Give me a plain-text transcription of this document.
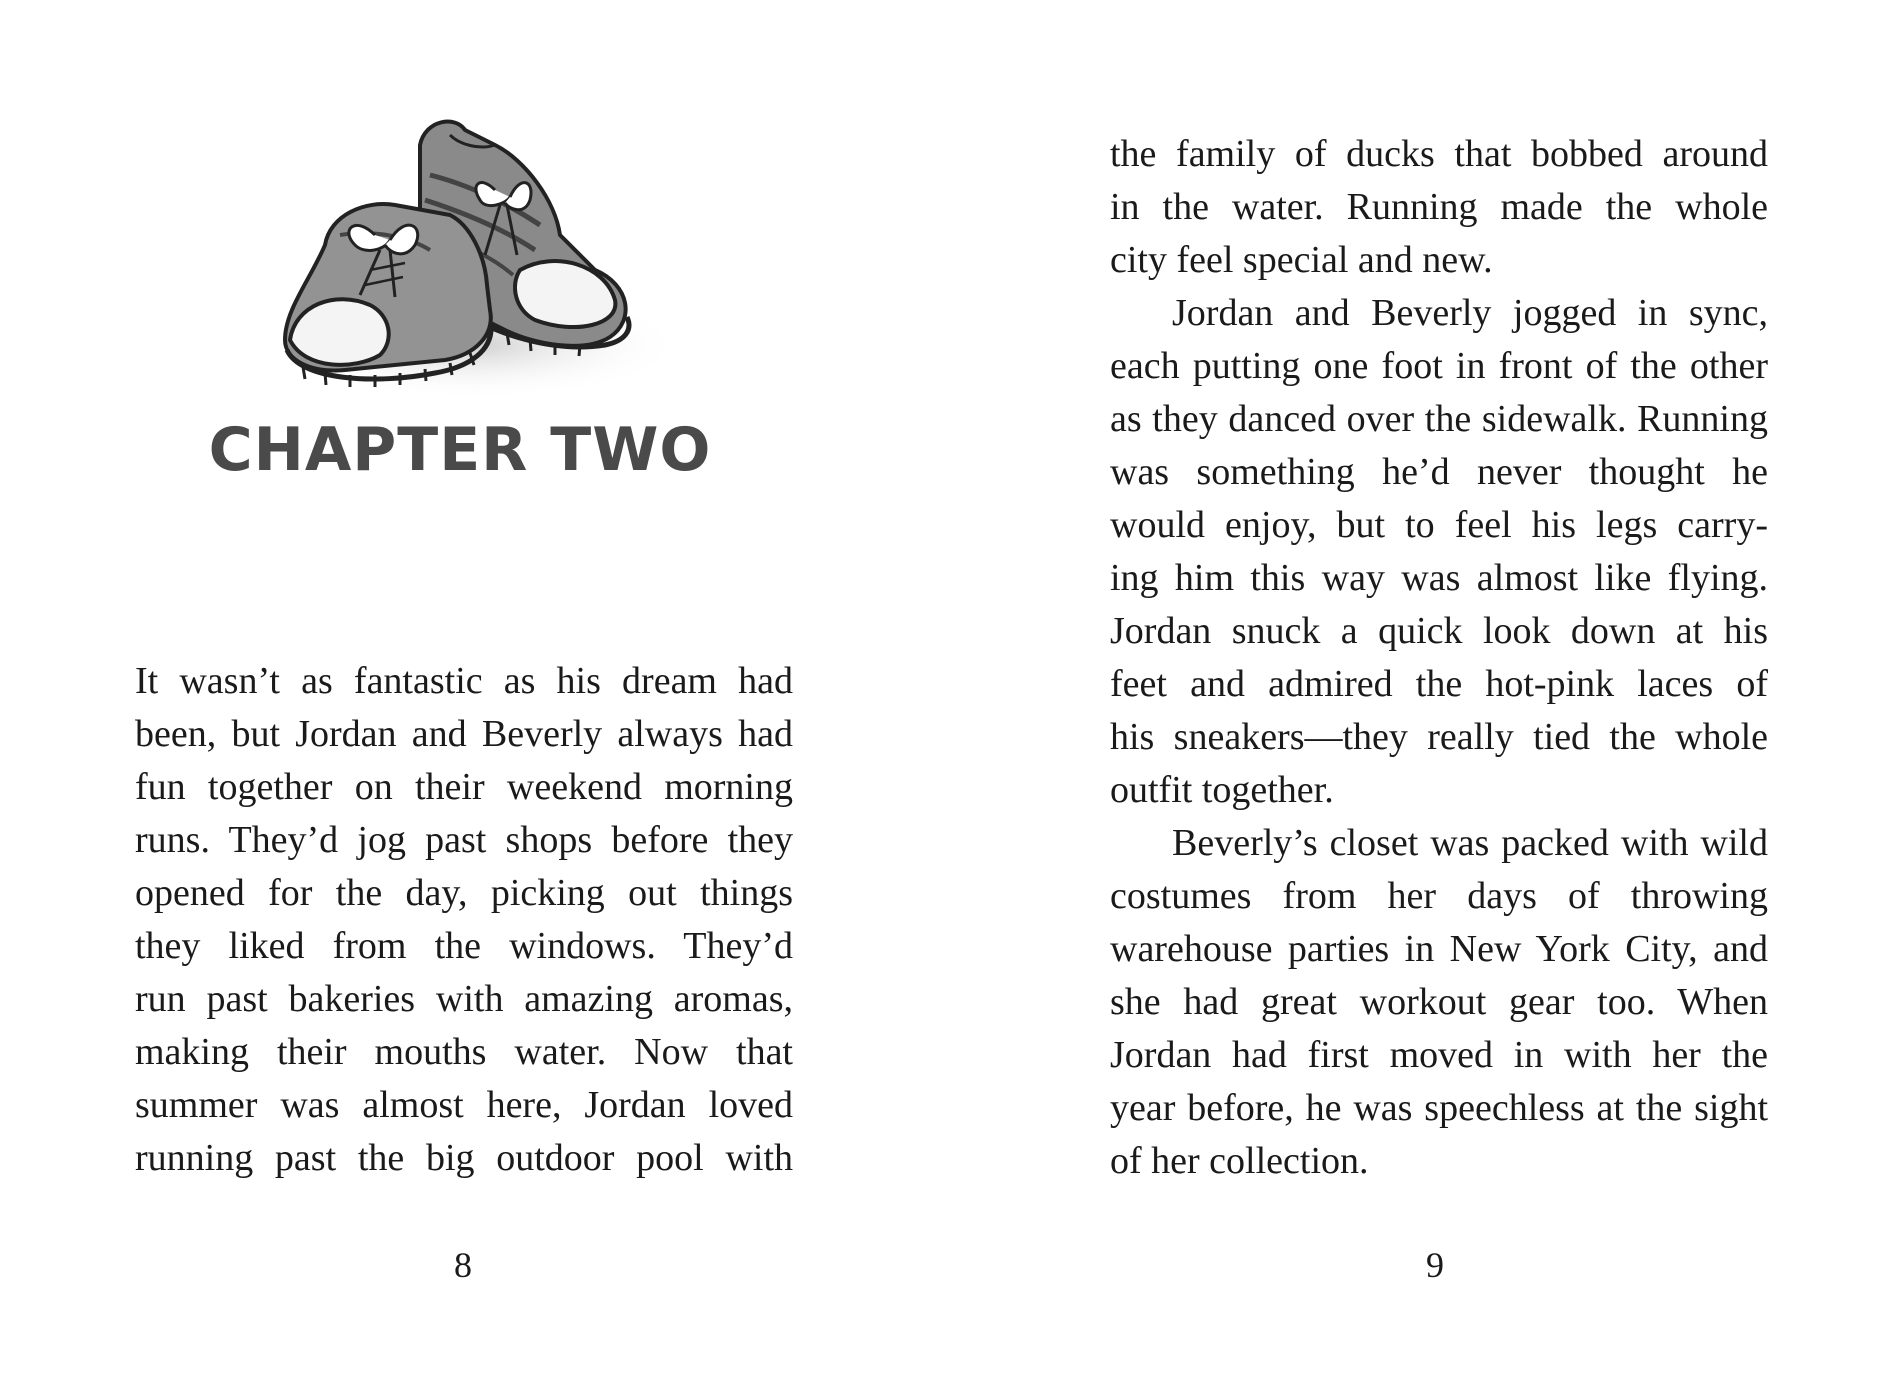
CHAPTER TWO
It wasn’t as fantastic as his dream had
been, but Jordan and Beverly always had
fun together on their weekend morning
runs. They’d jog past shops before they
opened for the day, picking out things
they liked from the windows. They’d
run past bakeries with amazing aromas,
making their mouths water. Now that
summer was almost here, Jordan loved
running past the big outdoor pool with
8
the family of ducks that bobbed around
in the water. Running made the whole
city feel special and new.
Jordan and Beverly jogged in sync,
each putting one foot in front of the other
as they danced over the sidewalk. Running
was something he’d never thought he
would enjoy, but to feel his legs carry-
ing him this way was almost like flying.
Jordan snuck a quick look down at his
feet and admired the hot-pink laces of
his sneakers—they really tied the whole
outfit together.
Beverly’s closet was packed with wild
costumes from her days of throwing
warehouse parties in New York City, and
she had great workout gear too. When
Jordan had first moved in with her the
year before, he was speechless at the sight
of her collection.
9
